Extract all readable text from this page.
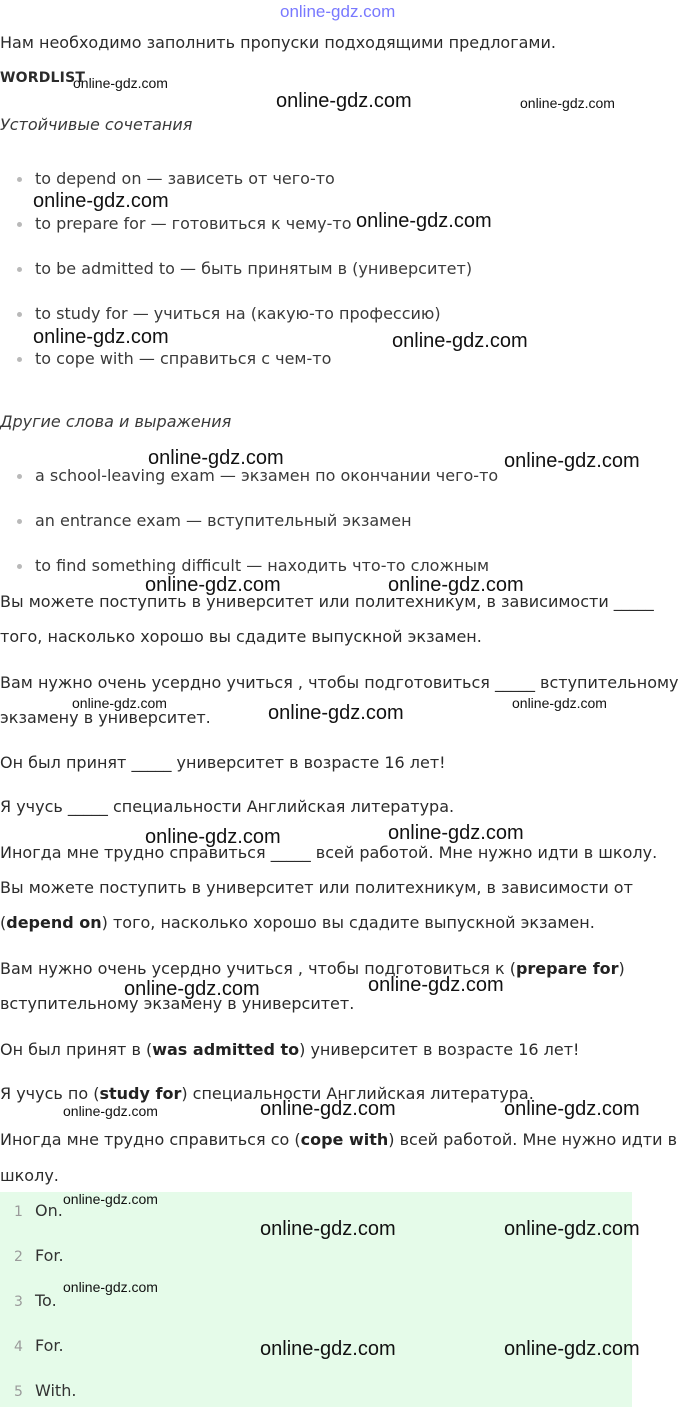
online-gdz.com
Нам необходимо заполнить пропуски подходящими предлогами.
WORDLIST
online-gdz.com
online-gdz.com	online-gdz.com
Устойчивые сочетания
to depend on — зависеть от чего-то
online-gdz.com
to prepare for — готовиться к чему-то online-gdz.com
to be admitted to — быть принятым в (университет)
to study for — учиться на (какую-то профессию)
online-gdz.com	online-gdz.com
to cope with — справиться с чем-то
Другие слова и выражения
online-gdz.com	online-gdz.com
a school-leaving exam — экзамен по окончании чего-то
an entrance exam — вступительный экзамен
to find something difficult — находить что-то сложным
online-gdz.com	online-gdz.com
Вы можете поступить в университет или политехникум, в зависимости _____
того, насколько хорошо вы сдадите выпускной экзамен.
Вам нужно очень усердно учиться , чтобы подготовиться _____ вступительному
online-gdz.com	online-gdz.com
экзамену в университет.	online-gdz.com
Он был принят _____ университет в возрасте 16 лет!
Я учусь _____ специальности Английская литература.
online-gdz.com	online-gdz.com
Иногда мне трудно справиться _____ всей работой. Мне нужно идти в школу.
Вы можете поступить в университет или политехникум, в зависимости от
(depend on) того, насколько хорошо вы сдадите выпускной экзамен.
Вам нужно очень усердно учиться , чтобы подготовиться к (prepare for)
вступительному экзамену в университет.
online-gdz.com	online-gdz.com
Он был принят в (was admitted to) университет в возрасте 16 лет!
Я учусь по (study for) специальности Английская литература.
online-gdz.com	online-gdz.com	online-gdz.com
Иногда мне трудно справиться со (cope with) всей работой. Мне нужно идти в
школу.
1 On.
2 For.
3 To.
4 For.
5 With.
online-gdz.com
online-gdz.com	online-gdz.com
online-gdz.com
online-gdz.com	online-gdz.com
